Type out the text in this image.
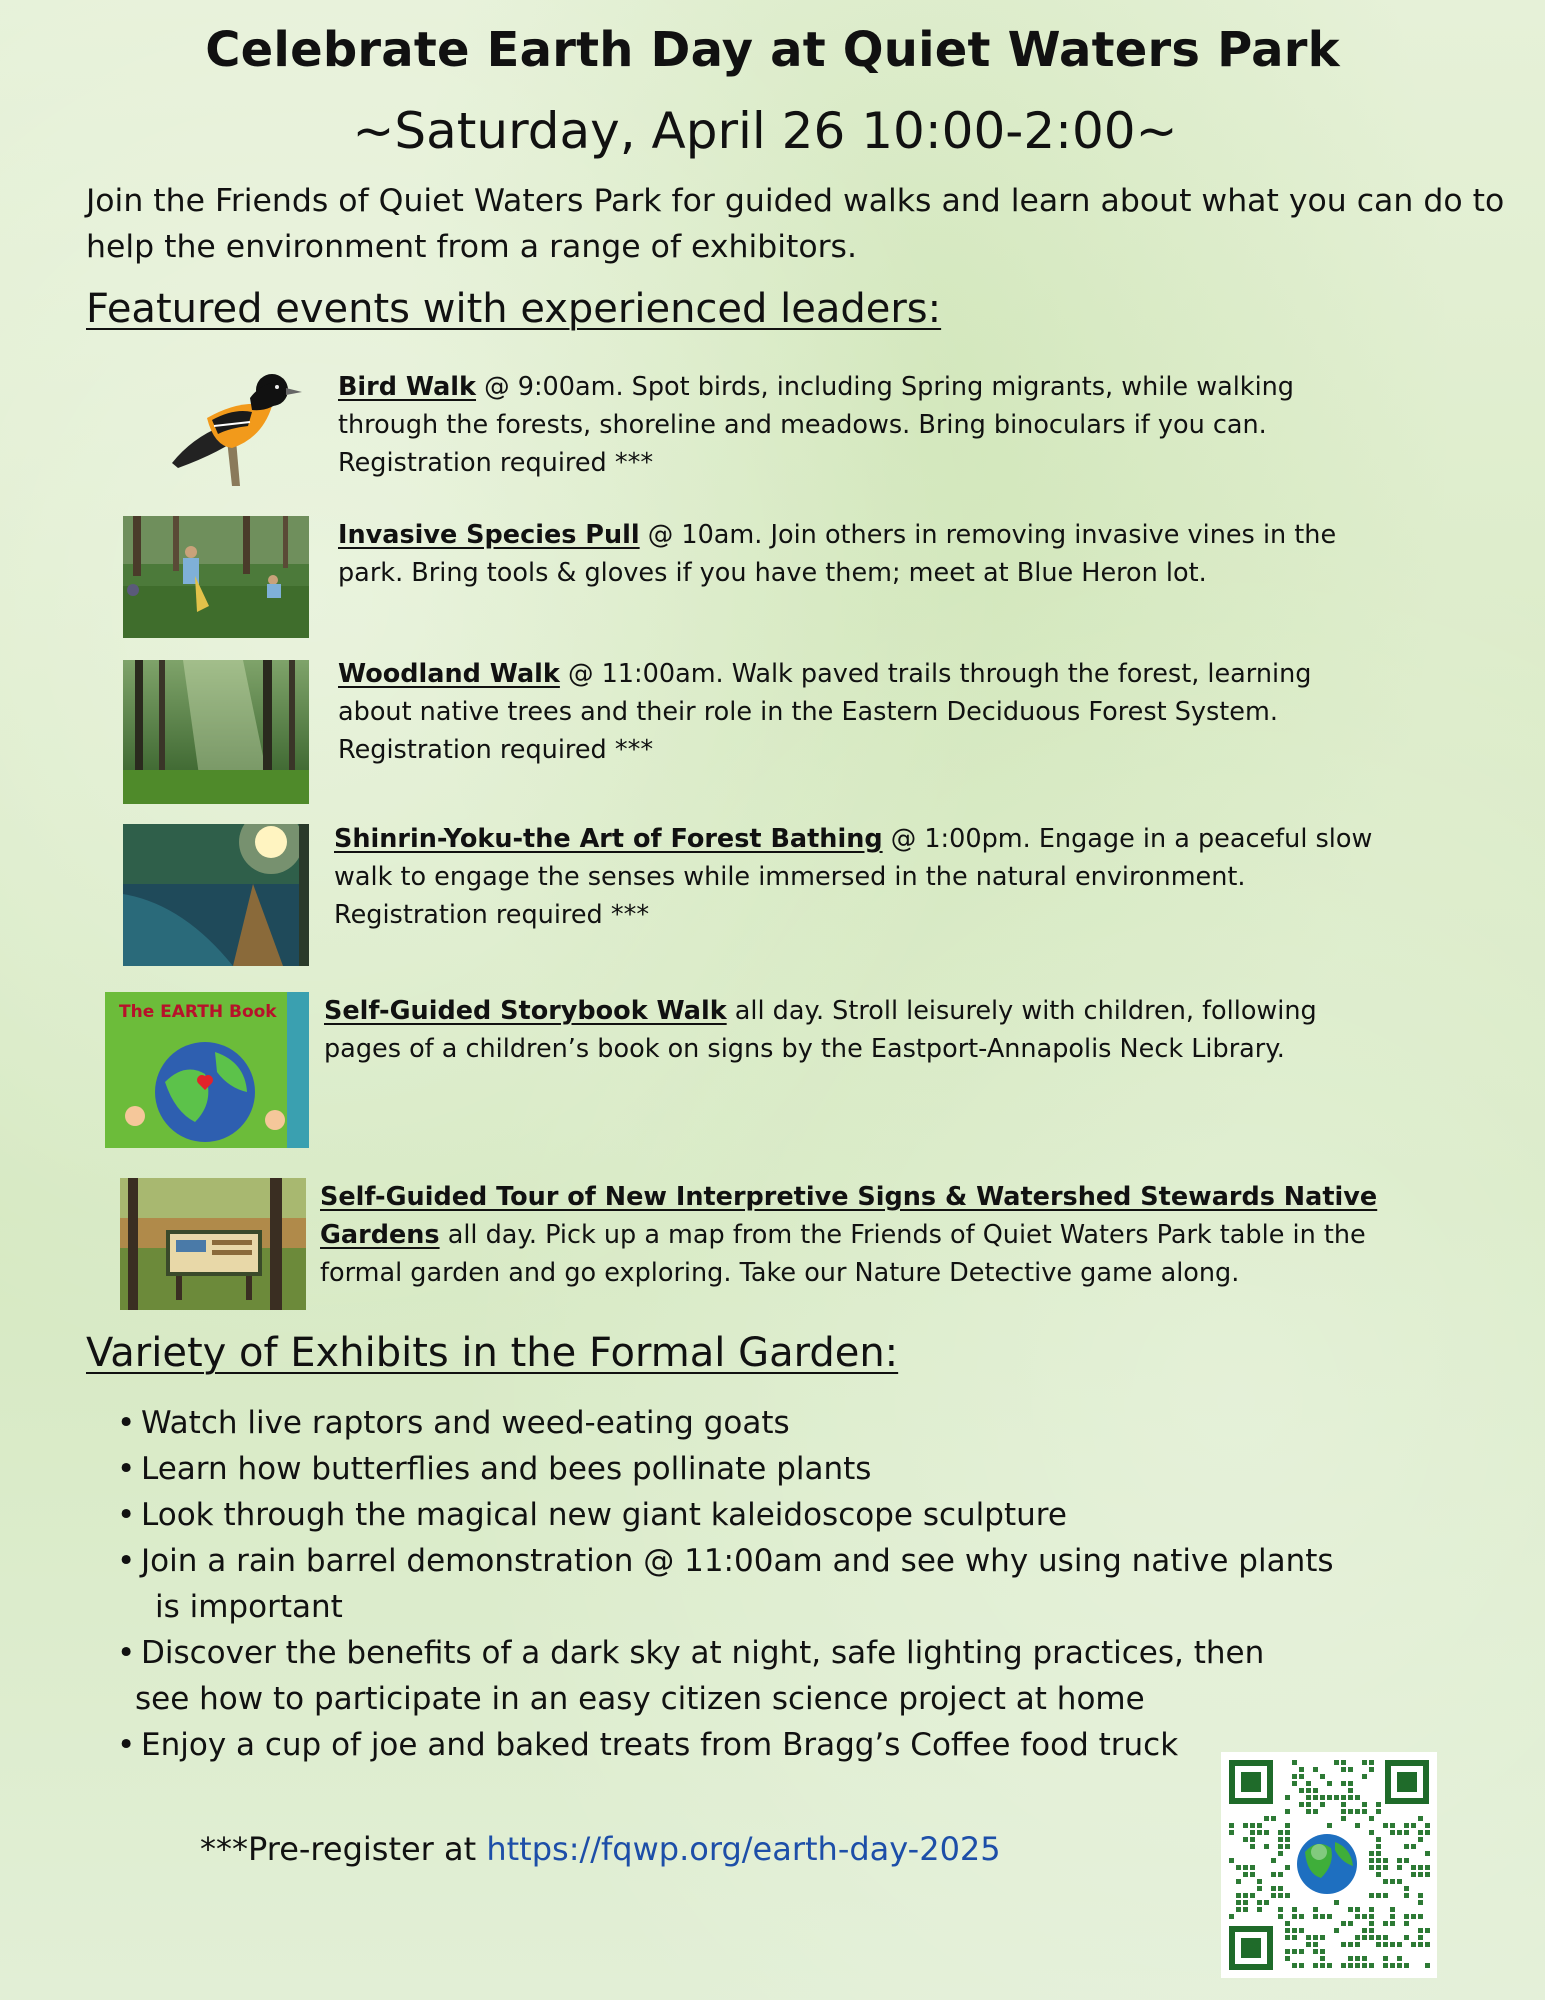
Celebrate Earth Day at Quiet Waters Park
~Saturday, April 26 10:00-2:00~
Join the Friends of Quiet Waters Park for guided walks and learn about what you can do to help the environment from a range of exhibitors.
Featured events with experienced leaders:
Bird Walk @ 9:00am. Spot birds, including Spring migrants, while walking through the forests, shoreline and meadows. Bring binoculars if you can. Registration required ***
Invasive Species Pull @ 10am. Join others in removing invasive vines in the park. Bring tools & gloves if you have them; meet at Blue Heron lot.
Woodland Walk @ 11:00am. Walk paved trails through the forest, learning about native trees and their role in the Eastern Deciduous Forest System. Registration required ***
Shinrin-Yoku-the Art of Forest Bathing @ 1:00pm. Engage in a peaceful slow walk to engage the senses while immersed in the natural environment. Registration required ***
The EARTH Book Self-Guided Storybook Walk all day. Stroll leisurely with children, following pages of a children’s book on signs by the Eastport-Annapolis Neck Library.
Self-Guided Tour of New Interpretive Signs & Watershed Stewards Native Gardens all day. Pick up a map from the Friends of Quiet Waters Park table in the formal garden and go exploring. Take our Nature Detective game along.
Variety of Exhibits in the Formal Garden:
• Watch live raptors and weed-eating goats
• Learn how butterflies and bees pollinate plants
• Look through the magical new giant kaleidoscope sculpture
• Join a rain barrel demonstration @ 11:00am and see why using native plants
is important
• Discover the benefits of a dark sky at night, safe lighting practices, then
see how to participate in an easy citizen science project at home
• Enjoy a cup of joe and baked treats from Bragg’s Coffee food truck
***Pre-register at https://fqwp.org/earth-day-2025
